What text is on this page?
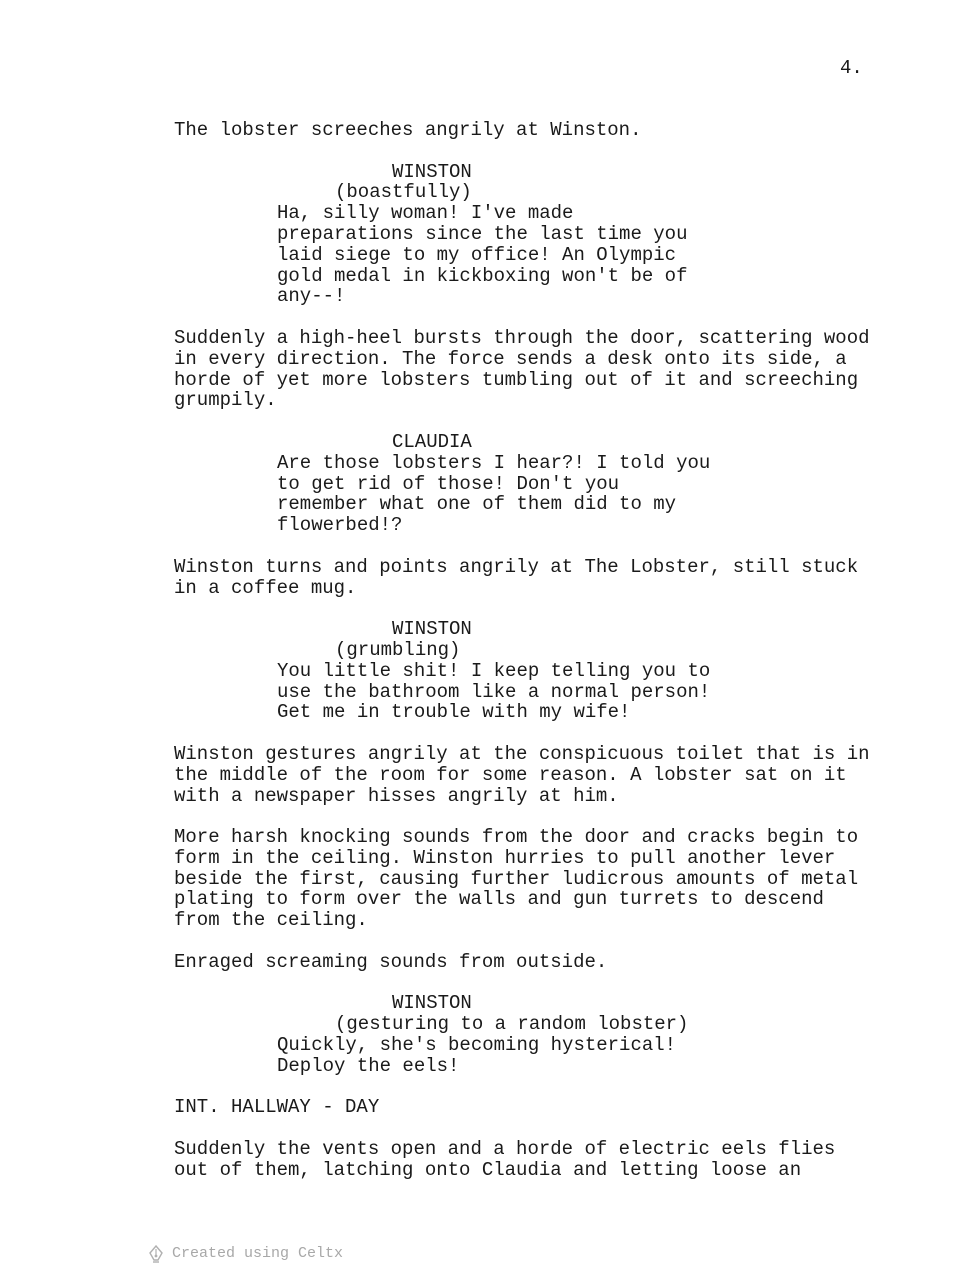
4.
The lobster screeches angrily at Winston.
WINSTON
(boastfully)
Ha, silly woman! I've made
preparations since the last time you
laid siege to my office! An Olympic
gold medal in kickboxing won't be of
any--!
Suddenly a high-heel bursts through the door, scattering wood
in every direction. The force sends a desk onto its side, a
horde of yet more lobsters tumbling out of it and screeching
grumpily.
CLAUDIA
Are those lobsters I hear?! I told you
to get rid of those! Don't you
remember what one of them did to my
flowerbed!?
Winston turns and points angrily at The Lobster, still stuck
in a coffee mug.
WINSTON
(grumbling)
You little shit! I keep telling you to
use the bathroom like a normal person!
Get me in trouble with my wife!
Winston gestures angrily at the conspicuous toilet that is in
the middle of the room for some reason. A lobster sat on it
with a newspaper hisses angrily at him.
More harsh knocking sounds from the door and cracks begin to
form in the ceiling. Winston hurries to pull another lever
beside the first, causing further ludicrous amounts of metal
plating to form over the walls and gun turrets to descend
from the ceiling.
Enraged screaming sounds from outside.
WINSTON
(gesturing to a random lobster)
Quickly, she's becoming hysterical!
Deploy the eels!
INT. HALLWAY - DAY
Suddenly the vents open and a horde of electric eels flies
out of them, latching onto Claudia and letting loose an
Created using Celtx
